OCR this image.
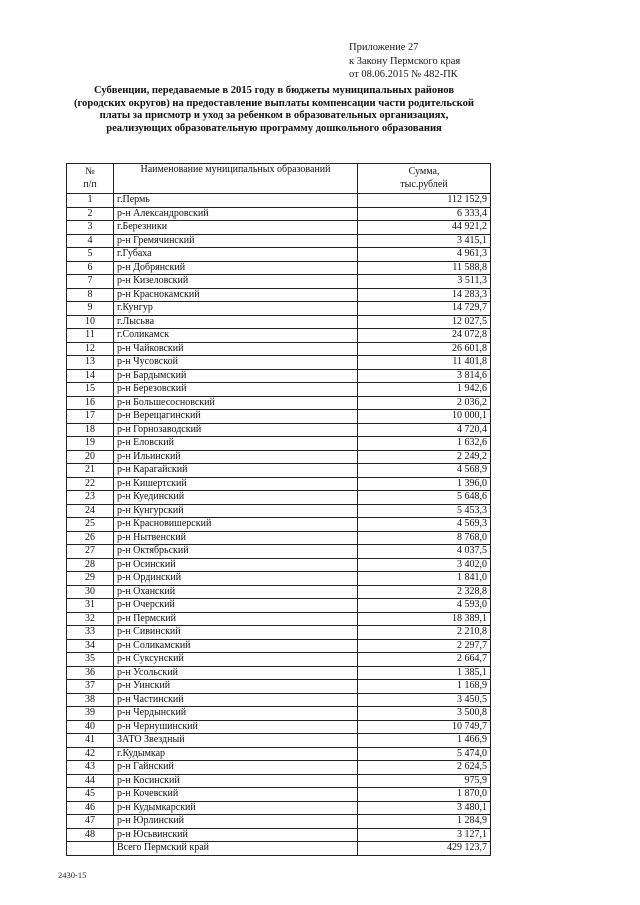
Приложение 27
к Закону Пермского края
от 08.06.2015 № 482-ПК
Субвенции, передаваемые в 2015 году в бюджеты муниципальных районов
(городских округов) на предоставление выплаты компенсации части родительской
платы за присмотр и уход за ребенком в образовательных организациях,
реализующих образовательную программу дошкольного образования
№
п/п	Наименование муниципальных образований	Сумма,
тыс.рублей

1	г.Пермь	112 152,9
2	р-н Александровский	6 333,4
3	г.Березники	44 921,2
4	р-н Гремячинский	3 415,1
5	г.Губаха	4 961,3
6	р-н Добрянский	11 588,8
7	р-н Кизеловский	3 511,3
8	р-н Краснокамский	14 283,3
9	г.Кунгур	14 729,7
10	г.Лысьва	12 027,5
11	г.Соликамск	24 072,8
12	р-н Чайковский	26 601,8
13	р-н Чусовской	11 401,8
14	р-н Бардымский	3 814,6
15	р-н Березовский	1 942,6
16	р-н Большесосновский	2 036,2
17	р-н Верещагинский	10 000,1
18	р-н Горнозаводский	4 720,4
19	р-н Еловский	1 632,6
20	р-н Ильинский	2 249,2
21	р-н Карагайский	4 568,9
22	р-н Кишертский	1 396,0
23	р-н Куединский	5 648,6
24	р-н Кунгурский	5 453,3
25	р-н Красновишерский	4 569,3
26	р-н Нытвенский	8 768,0
27	р-н Октябрьский	4 037,5
28	р-н Осинский	3 402,0
29	р-н Ординский	1 841,0
30	р-н Оханский	2 328,8
31	р-н Очерский	4 593,0
32	р-н Пермский	18 389,1
33	р-н Сивинский	2 210,8
34	р-н Соликамский	2 297,7
35	р-н Суксунский	2 664,7
36	р-н Усольский	1 385,1
37	р-н Уинский	1 168,9
38	р-н Частинский	3 450,5
39	р-н Чердынский	3 500,8
40	р-н Чернушинский	10 749,7
41	ЗАТО Звездный	1 466,9
42	г.Кудымкар	5 474,0
43	р-н Гайнский	2 624,5
44	р-н Косинский	975,9
45	р-н Кочевский	1 870,0
46	р-н Кудымкарский	3 480,1
47	р-н Юрлинский	1 284,9
48	р-н Юсьвинский	3 127,1
	Всего Пермский край	429 123,7
2430-15
